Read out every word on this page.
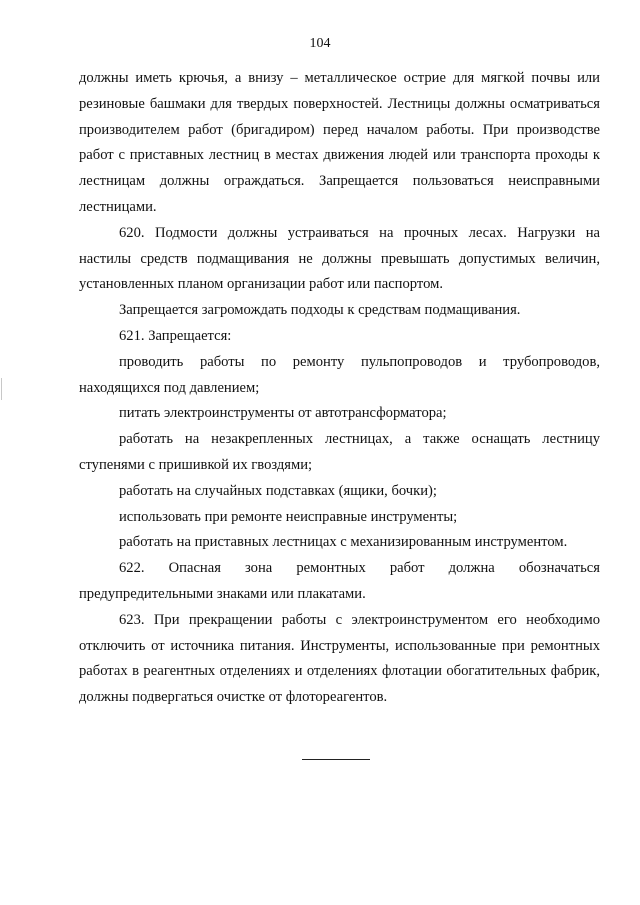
104

должны иметь крючья, а внизу – металлическое острие для мягкой почвы или резиновые башмаки для твердых поверхностей. Лестницы должны осматриваться производителем работ (бригадиром) перед началом работы. При производстве работ с приставных лестниц в местах движения людей или транспорта проходы к лестницам должны ограждаться. Запрещается пользоваться неисправными лестницами.

620. Подмости должны устраиваться на прочных лесах. Нагрузки на настилы средств подмащивания не должны превышать допустимых величин, установленных планом организации работ или паспортом.

Запрещается загромождать подходы к средствам подмащивания.

621. Запрещается:

проводить работы по ремонту пульпопроводов и трубопроводов, находящихся под давлением;

питать электроинструменты от автотрансформатора;

работать на незакрепленных лестницах, а также оснащать лестницу ступенями с пришивкой их гвоздями;

работать на случайных подставках (ящики, бочки);

использовать при ремонте неисправные инструменты;

работать на приставных лестницах с механизированным инструментом.

622. Опасная зона ремонтных работ должна обозначаться предупредительными знаками или плакатами.

623. При прекращении работы с электроинструментом его необходимо отключить от источника питания. Инструменты, использованные при ремонтных работах в реагентных отделениях и отделениях флотации обогатительных фабрик, должны подвергаться очистке от флотореагентов.
